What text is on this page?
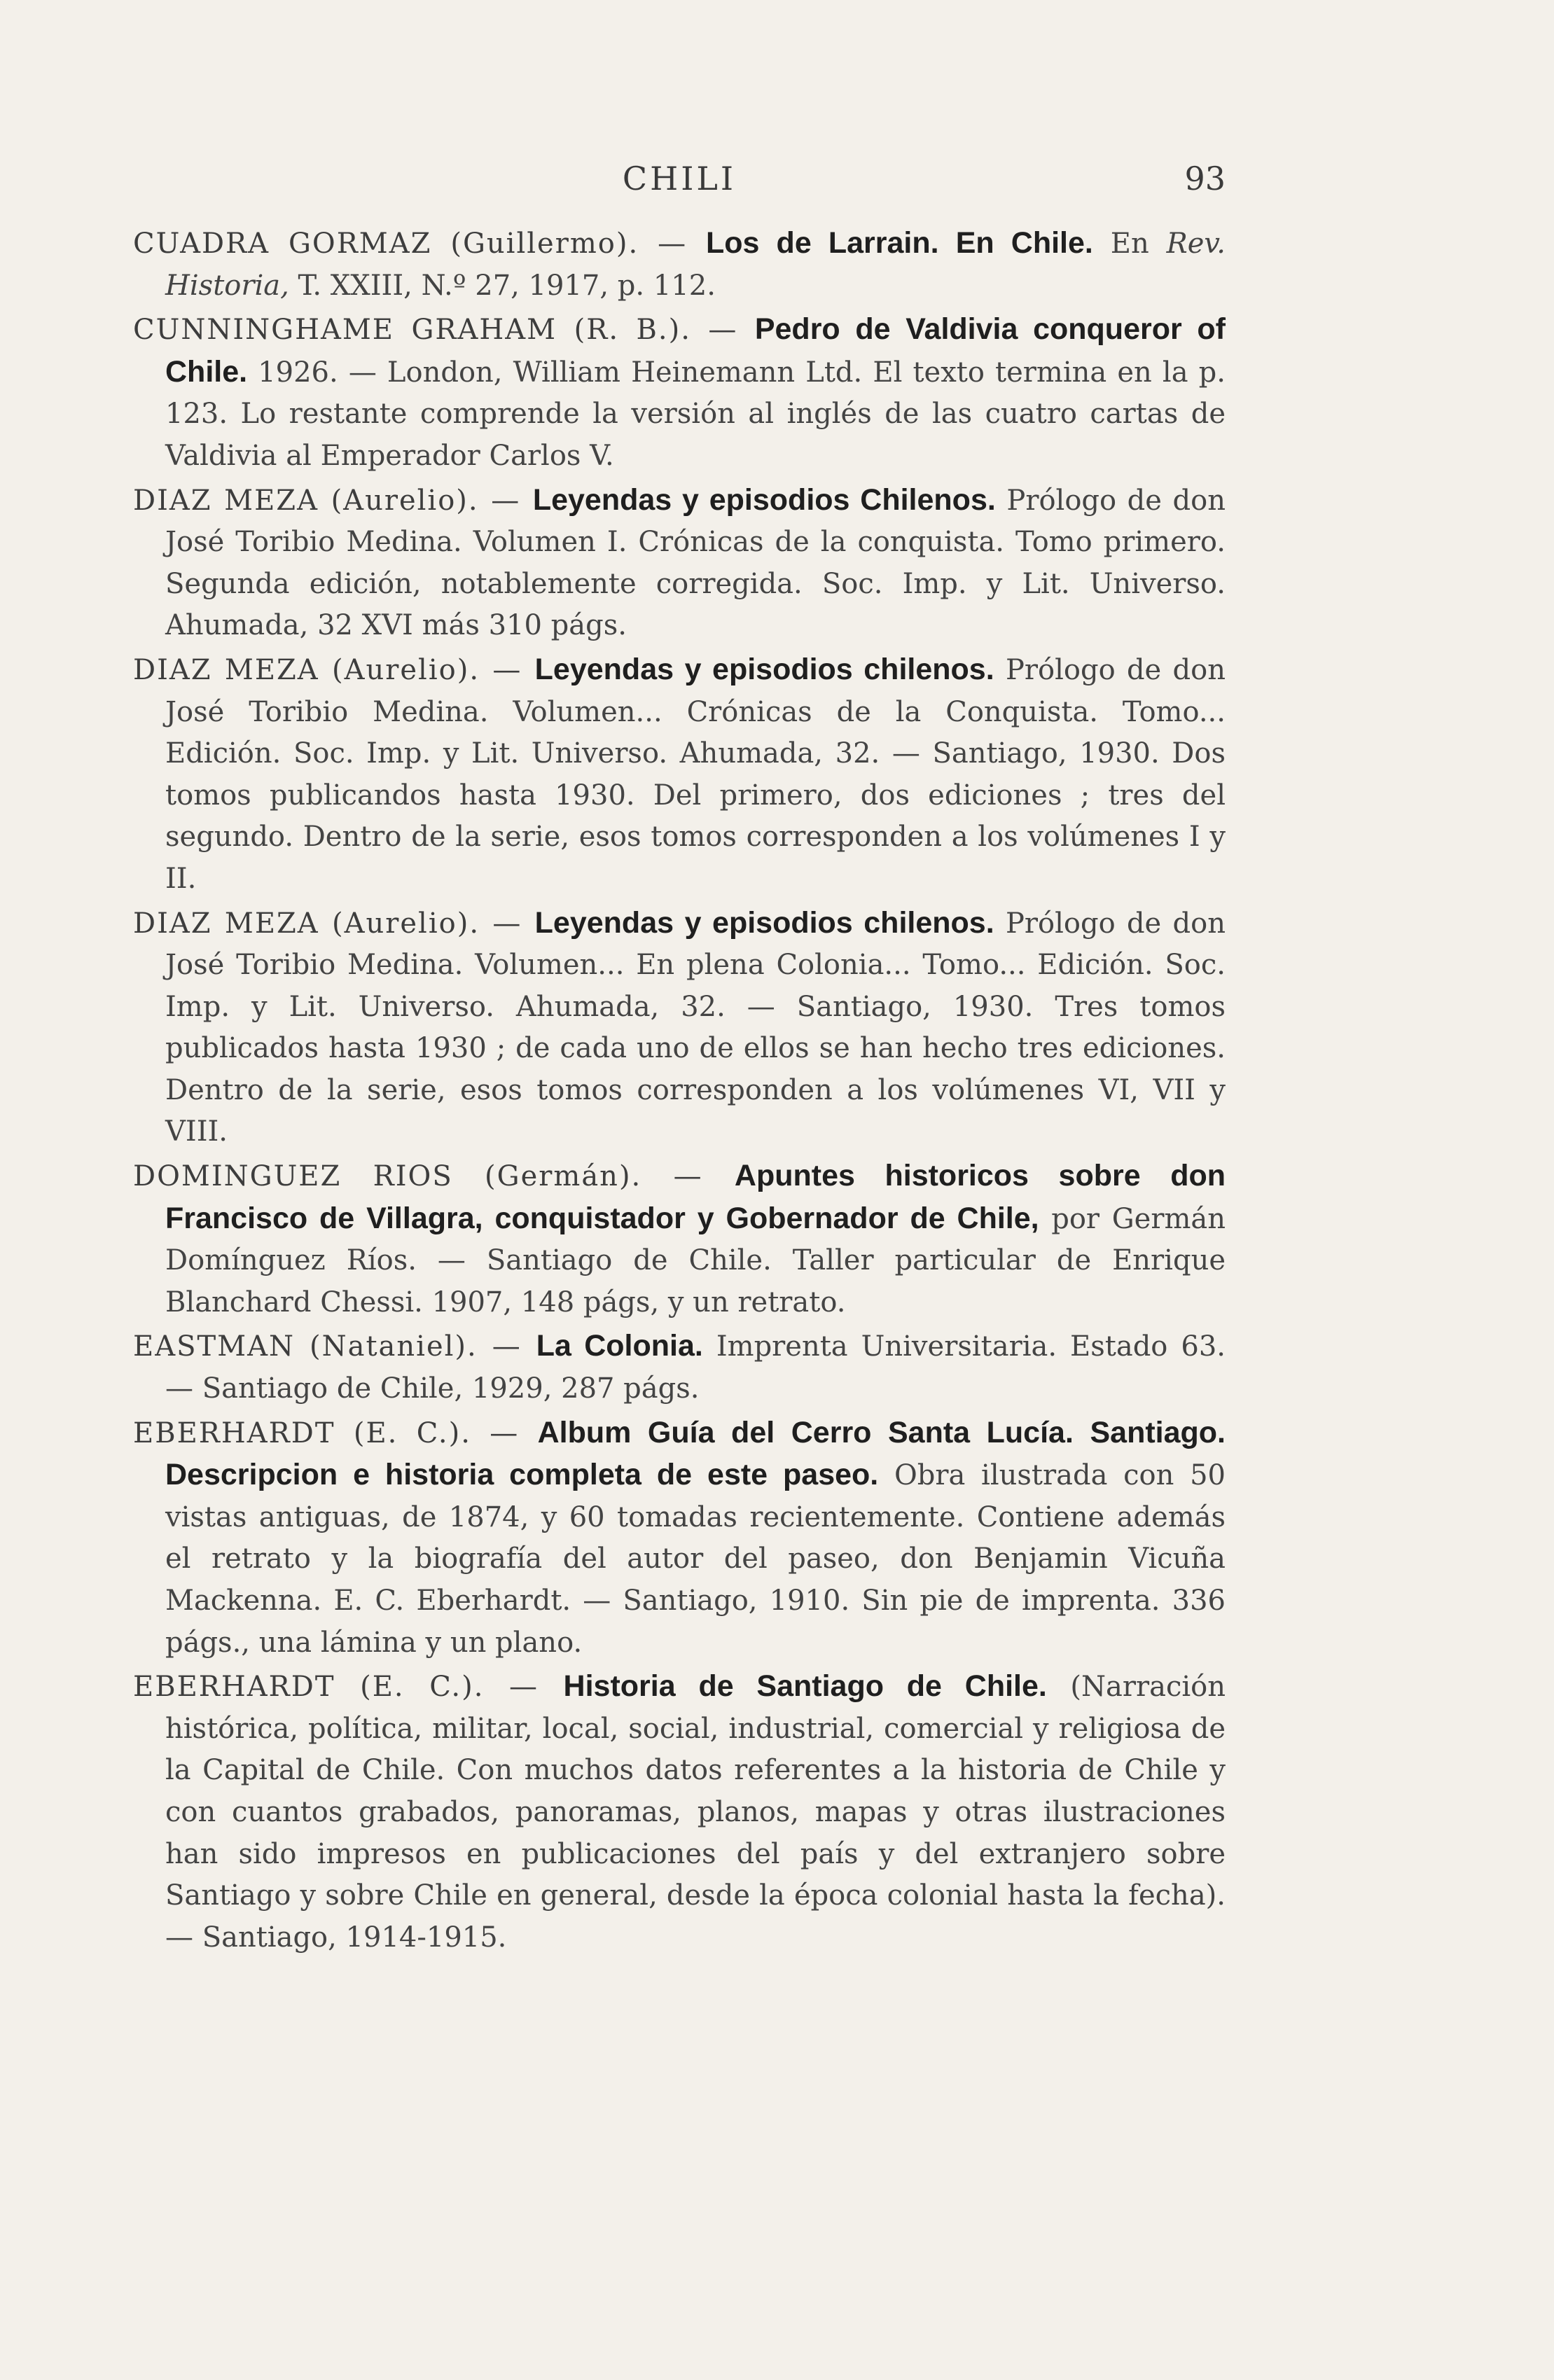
CHILI	93

CUADRA GORMAZ (Guillermo). — Los de Larrain. En Chile. En Rev. Historia, T. XXIII, N.º 27, 1917, p. 112.

CUNNINGHAME GRAHAM (R. B.). — Pedro de Valdivia conqueror of Chile. 1926. — London, William Heinemann Ltd. El texto termina en la p. 123. Lo restante comprende la versión al inglés de las cuatro cartas de Valdivia al Emperador Carlos V.

DIAZ MEZA (Aurelio). — Leyendas y episodios Chilenos. Prólogo de don José Toribio Medina. Volumen I. Crónicas de la conquista. Tomo primero. Segunda edición, notablemente corregida. Soc. Imp. y Lit. Universo. Ahumada, 32 XVI más 310 págs.

DIAZ MEZA (Aurelio). — Leyendas y episodios chilenos. Prólogo de don José Toribio Medina. Volumen... Crónicas de la Conquista. Tomo... Edición. Soc. Imp. y Lit. Universo. Ahumada, 32. — Santiago, 1930. Dos tomos publicandos hasta 1930. Del primero, dos ediciones ; tres del segundo. Dentro de la serie, esos tomos corresponden a los volúmenes I y II.

DIAZ MEZA (Aurelio). — Leyendas y episodios chilenos. Prólogo de don José Toribio Medina. Volumen... En plena Colonia... Tomo... Edición. Soc. Imp. y Lit. Universo. Ahumada, 32. — Santiago, 1930. Tres tomos publicados hasta 1930 ; de cada uno de ellos se han hecho tres ediciones. Dentro de la serie, esos tomos corresponden a los volúmenes VI, VII y VIII.

DOMINGUEZ RIOS (Germán). — Apuntes historicos sobre don Francisco de Villagra, conquistador y Gobernador de Chile, por Germán Domínguez Ríos. — Santiago de Chile. Taller particular de Enrique Blanchard Chessi. 1907, 148 págs, y un retrato.

EASTMAN (Nataniel). — La Colonia. Imprenta Universitaria. Estado 63. — Santiago de Chile, 1929, 287 págs.

EBERHARDT (E. C.). — Album Guía del Cerro Santa Lucía. Santiago. Descripcion e historia completa de este paseo. Obra ilustrada con 50 vistas antiguas, de 1874, y 60 tomadas recientemente. Contiene además el retrato y la biografía del autor del paseo, don Benjamin Vicuña Mackenna. E. C. Eberhardt. — Santiago, 1910. Sin pie de imprenta. 336 págs., una lámina y un plano.

EBERHARDT (E. C.). — Historia de Santiago de Chile. (Narración histórica, política, militar, local, social, industrial, comercial y religiosa de la Capital de Chile. Con muchos datos referentes a la historia de Chile y con cuantos grabados, panoramas, planos, mapas y otras ilustraciones han sido impresos en publicaciones del país y del extranjero sobre Santiago y sobre Chile en general, desde la época colonial hasta la fecha). — Santiago, 1914-1915.
